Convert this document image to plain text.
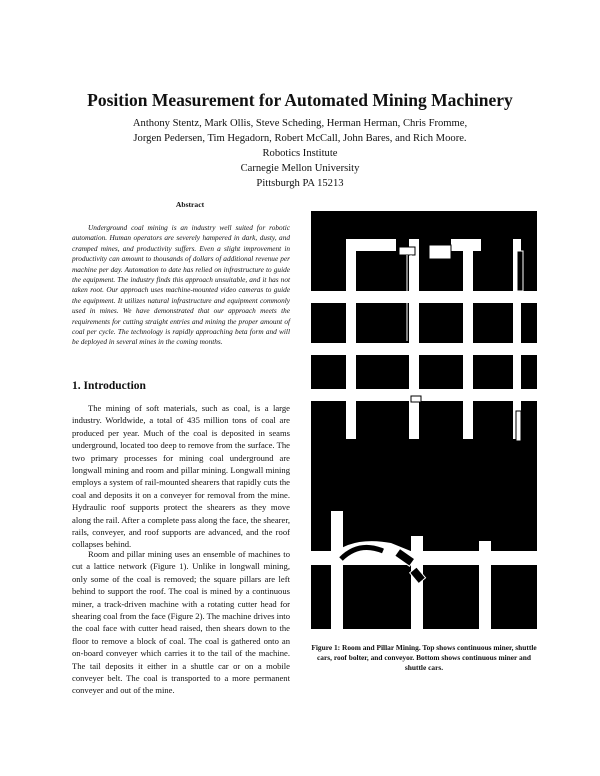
Position Measurement for Automated Mining Machinery
Anthony Stentz, Mark Ollis, Steve Scheding, Herman Herman, Chris Fromme,
Jorgen Pedersen, Tim Hegadorn, Robert McCall, John Bares, and Rich Moore.
Robotics Institute
Carnegie Mellon University
Pittsburgh PA 15213
Abstract
Underground coal mining is an industry well suited for robotic automation. Human operators are severely hampered in dark, dusty, and cramped mines, and productivity suffers. Even a slight improvement in productivity can amount to thousands of dollars of additional revenue per machine per day. Automation to date has relied on infrastructure to guide the equipment. The industry finds this approach unsuitable, and it has not taken root. Our approach uses machine-mounted video cameras to guide the equipment. It utilizes natural infrastructure and equipment commonly used in mines. We have demonstrated that our approach meets the requirements for cutting straight entries and mining the proper amount of coal per cycle. The technology is rapidly approaching beta form and will be deployed in several mines in the coming months.
1. Introduction
The mining of soft materials, such as coal, is a large industry. Worldwide, a total of 435 million tons of coal are produced per year. Much of the coal is deposited in seams underground, located too deep to remove from the surface. The two primary processes for mining coal underground are longwall mining and room and pillar mining. Longwall mining employs a system of rail-mounted shearers that rapidly cuts the coal and deposits it on a conveyer for removal from the mine. Hydraulic roof supports protect the shearers as they move along the rail. After a complete pass along the face, the shearer, rails, conveyer, and roof supports are advanced, and the roof collapses behind.
Room and pillar mining uses an ensemble of machines to cut a lattice network (Figure 1). Unlike in longwall mining, only some of the coal is removed; the square pillars are left behind to support the roof. The coal is mined by a continuous miner, a track-driven machine with a rotating cutter head for shearing coal from the face (Figure 2). The machine drives into the coal face with cutter head raised, then shears down to the floor to remove a block of coal. The coal is gathered onto an on-board conveyer which carries it to the tail of the machine. The tail deposits it either in a shuttle car or on a mobile conveyer belt. The coal is transported to a more permanent conveyer and out of the mine.
Figure 1: Room and Pillar Mining. Top shows continuous miner, shuttle cars, roof bolter, and conveyor. Bottom shows continuous miner and shuttle cars.
